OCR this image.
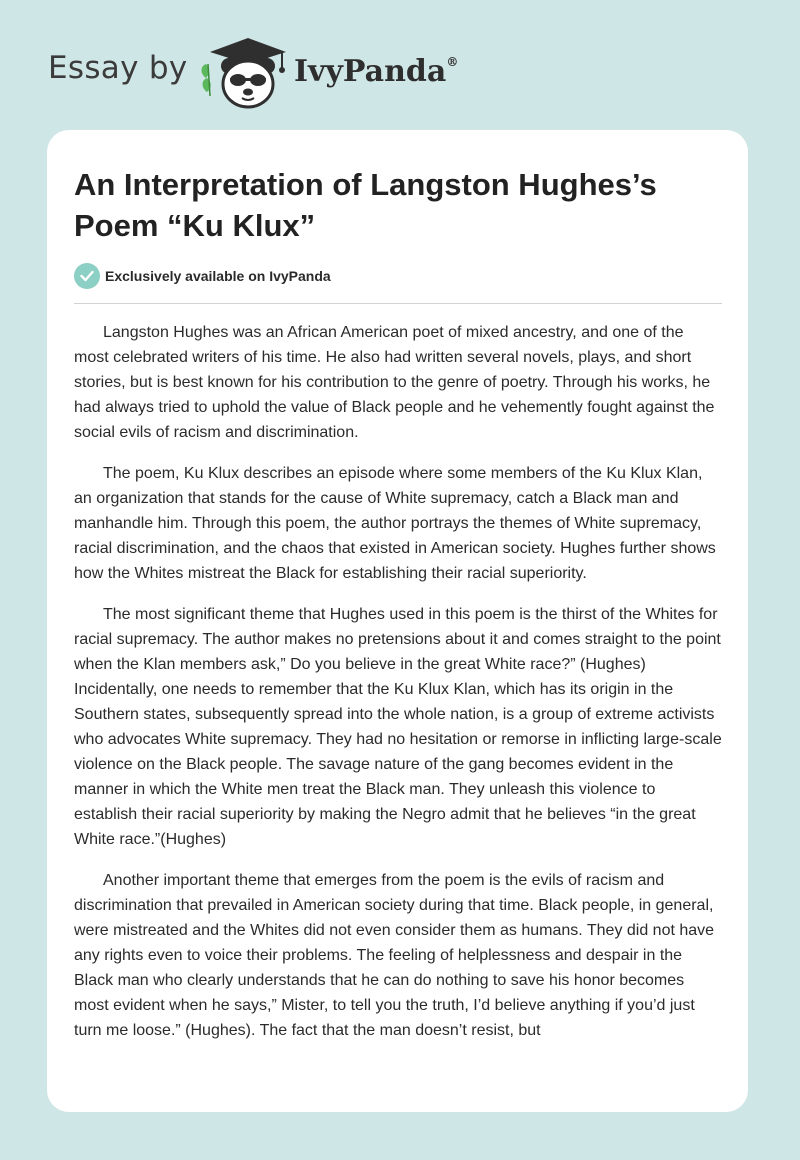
Essay by	IvyPanda®
An Interpretation of Langston Hughes’s Poem “Ku Klux”
Exclusively available on IvyPanda

Langston Hughes was an African American poet of mixed ancestry, and one of the most celebrated writers of his time. He also had written several novels, plays, and short stories, but is best known for his contribution to the genre of poetry. Through his works, he had always tried to uphold the value of Black people and he vehemently fought against the social evils of racism and discrimination.

The poem, Ku Klux describes an episode where some members of the Ku Klux Klan, an organization that stands for the cause of White supremacy, catch a Black man and manhandle him. Through this poem, the author portrays the themes of White supremacy, racial discrimination, and the chaos that existed in American society. Hughes further shows how the Whites mistreat the Black for establishing their racial superiority.

The most significant theme that Hughes used in this poem is the thirst of the Whites for racial supremacy. The author makes no pretensions about it and comes straight to the point when the Klan members ask,” Do you believe in the great White race?” (Hughes) Incidentally, one needs to remember that the Ku Klux Klan, which has its origin in the Southern states, subsequently spread into the whole nation, is a group of extreme activists who advocates White supremacy. They had no hesitation or remorse in inflicting large-scale violence on the Black people. The savage nature of the gang becomes evident in the manner in which the White men treat the Black man. They unleash this violence to establish their racial superiority by making the Negro admit that he believes “in the great White race.”(Hughes)

Another important theme that emerges from the poem is the evils of racism and discrimination that prevailed in American society during that time. Black people, in general, were mistreated and the Whites did not even consider them as humans. They did not have any rights even to voice their problems. The feeling of helplessness and despair in the Black man who clearly understands that he can do nothing to save his honor becomes most evident when he says,” Mister, to tell you the truth, I’d believe anything if you’d just turn me loose.” (Hughes). The fact that the man doesn’t resist, but
